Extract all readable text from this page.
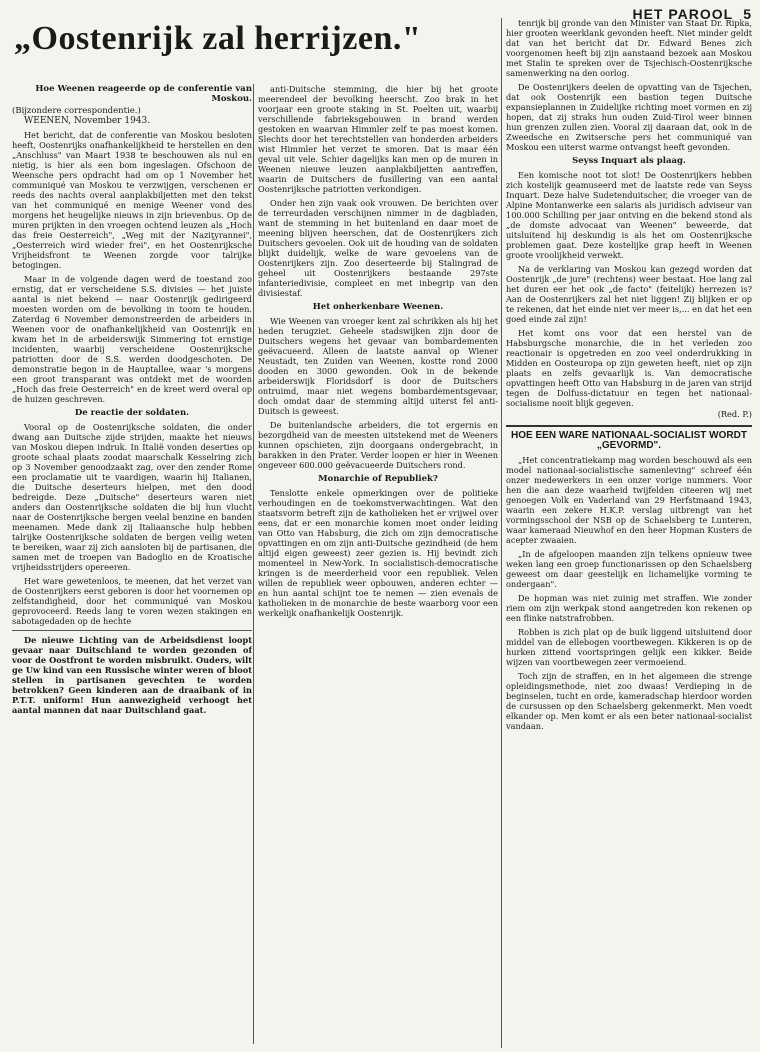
HET PAROOL 5
„Oostenrijk zal herrijzen."
Hoe Weenen reageerde op de conferentie van Moskou.
(Bijzondere correspondentie.)

WEENEN, November 1943.

Het bericht, dat de conferentie van Moskou besloten heeft, Oostenrijks onafhankelijkheid te herstellen en den „Anschluss" van Maart 1938 te beschouwen als nul en nietig, is hier als een bom ingeslagen. Ofschoon de Weensche pers opdracht had om op 1 November het communiqué van Moskou te verzwijgen, verschenen er reeds des nachts overal aanplakbiljetten met den tekst van het communiqué en menige Weener vond des morgens het heugelijke nieuws in zijn brievenbus. Op de muren prijkten in den vroegen ochtend leuzen als „Hoch das freie Oesterreich", „Weg mit der Naziţyrannei", „Oesterreich wird wieder frei", en het Oostenrijksche Vrijheidsfront te Weenen zorgde voor talrijke betogingen.

Maar in de volgende dagen werd de toestand zoo ernstig, dat er verscheidene S.S. divisies — het juiste aantal is niet bekend — naar Oostenrijk gedirigeerd moesten worden om de bevolking in toom te houden. Zaterdag 6 November demonstreerden de arbeiders in Weenen voor de onafhankelijkheid van Oostenrijk en kwam het in de arbeiderswijk Simmering tot ernstige incidenten, waarbij verscheidene Oostenrijksche patriotten door de S.S. werden doodgeschoten. De demonstratie begon in de Hauptallee, waar 's morgens een groot transparant was ontdekt met de woorden „Hoch das freie Oesterreich" en de kreet werd overal op de huizen geschreven.

De reactie der soldaten.

Vooral op de Oostenrijksche soldaten, die onder dwang aan Duitsche zijde strijden, maakte het nieuws van Moskou diepen indruk. In Italië vonden deserties op groote schaal plaats zoodat maarschalk Kesselring zich op 3 November genoodzaakt zag, over den zender Rome een proclamatie uit te vaardigen, waarin hij Italianen, die Duitsche deserteurs hielpen, met den dood bedreigde. Deze „Duitsche" deserteurs waren niet anders dan Oostenrijksche soldaten die bij hun vlucht naar de Oostenrijksche bergen veelal benzine en banden meenamen. Mede dank zij Italiaansche hulp hebben talrijke Oostenrijksche soldaten de bergen veilig weten te bereiken, waar zij zich aansloten bij de partisanen, die samen met de troepen van Badoglio en de Kroatische vrijheidsstrijders opereeren.

Het ware gewetenloos, te meenen, dat het verzet van de Oostenrijkers eerst geboren is door het voornemen op zelfstandigheid, door het communiqué van Moskou geprovoceerd. Reeds lang te voren wezen stakingen en sabotagedaden op de hechte

De nieuwe Lichting van de Arbeidsdienst loopt gevaar naar Duitschland te worden gezonden of voor de Oostfront te worden misbruikt. Ouders, wilt ge Uw kind van een Russische winter weren of bloot stellen in partisanen gevechten te worden betrokken? Geen kinderen aan de draaibank of in P.T.T. uniform! Hun aanwezigheid verhoogt het aantal mannen dat naar Duitschland gaat.

anti-Duitsche stemming, die hier bij het groote meerendeel der bevolking heerscht. Zoo brak in het voorjaar een groote staking in St. Poelten uit, waarbij verschillende fabrieksgebouwen in brand werden gestoken en waarvan Himmler zelf te pas moest komen. Slechts door het terechtstellen van honderden arbeiders wist Himmler het verzet te smoren. Dat is maar één geval uit vele. Schier dagelijks kan men op de muren in Weenen nieuwe leuzen aanplakbiljetten aantreffen, waarin de Duitschers de fusillering van een aantal Oostenrijksche patriotten verkondigen.

Onder hen zijn vaak ook vrouwen. De berichten over de terreurdaden verschijnen nimmer in de dagbladen, want de stemming in het buitenland en daar moet de meening blijven heerschen, dat de Oostenrijkers zich Duitschers gevoelen. Ook uit de houding van de soldaten blijkt duidelijk, welke de ware gevoelens van de Oostenrijkers zijn. Zoo deserteerde bij Stalingrad de geheel uit Oostenrijkers bestaande 297ste infanteriedivisie, compleet en met inbegrip van den divisiestaf.

Het onherkenbare Weenen.

Wie Weenen van vroeger kent zal schrikken als hij het heden terugziet. Geheele stadswijken zijn door de Duitschers wegens het gevaar van bombardementen geëvacueerd. Alleen de laatste aanval op Wiener Neustadt, ten Zuiden van Weenen, kostte rond 2000 dooden en 3000 gewonden. Ook in de bekende arbeiderswijk Floridsdorf is door de Duitschers ontruimd, maar niet wegens bombardementsgevaar, doch omdat daar de stemming altijd uiterst fel anti-Duitsch is geweest.

De buitenlandsche arbeiders, die tot ergernis en bezorgdheid van de meesten uitstekend met de Weeners kunnen opschieten, zijn doorgaans ondergebracht, in barakken in den Prater. Verder loopen er hier in Weenen ongeveer 600.000 geëvacueerde Duitschers rond.

Monarchie of Republiek?

Tenslotte enkele opmerkingen over de politieke verhoudingen en de toekomstverwachtingen. Wat den staatsvorm betreft zijn de katholieken het er vrijwel over eens, dat er een monarchie komen moet onder leiding van Otto van Habsburg, die zich om zijn democratische opvattingen en om zijn anti-Duitsche gezindheid (de hem altijd eigen geweest) zeer gezien is. Hij bevindt zich momenteel in New-York. In socialistisch-democratische kringen is de meerderheid voor een republiek. Velen willen de republiek weer opbouwen, anderen echter — en hun aantal schijnt toe te nemen — zien evenals de katholieken in de monarchie de beste waarborg voor een werkelijk onafhankelijk Oostenrijk.

tenrijk bij gronde van den Minister van Staat Dr. Ripka, hier grooten weerklank gevonden heeft. Niet minder geldt dat van het bericht dat Dr. Edward Benes zich voorgenomen heeft bij zijn aanstaand bezoek aan Moskou met Stalin te spreken over de Tsjechisch-Oostenrijksche samenwerking na den oorlog.

De Oostenrijkers deelen de opvatting van de Tsjechen, dat ook Oostenrijk een bastion tegen Duitsche expansieplannen in Zuidelijke richting moet vormen en zij hopen, dat zij straks hun ouden Zuid-Tirol weer binnen hun grenzen zullen zien. Vooral zij daaraan dat, ook in de Zweedsche en Zwitsersche pers het communiqué van Moskou een uiterst warme ontvangst heeft gevonden.

Seyss Inquart als plaag.

Een komische noot tot slot! De Oostenrijkers hebben zich kostelijk geamuseerd met de laatste rede van Seyss Inquart. Deze halve Sudetenduitscher, die vroeger van de Alpine Montanwerke een salaris als juridisch adviseur van 100.000 Schilling per jaar ontving en die bekend stond als „de domste advocaat van Weenen" beweerde, dat uitsluitend hij deskundig is als het om Oostenrijksche problemen gaat. Deze kostelijke grap heeft in Weenen groote vroolijkheid verwekt.

Na de verklaring van Moskou kan gezegd worden dat Oostenrijk „de jure" (rechtens) weer bestaat. Hoe lang zal het duren eer het ook „de facto" (feitelijk) herrezen is? Aan de Oostenrijkers zal het niet liggen! Zij blijken er op te rekenen, dat het einde niet ver meer is,... en dat het een goed einde zal zijn!

Het komt ons voor dat een herstel van de Habsburgsche monarchie, die in het verleden zoo reactionair is opgetreden en zoo veel onderdrukking in Midden en Oosteuropa op zijn geweten heeft, niet op zijn plaats en zelfs gevaarlijk is. Van democratische opvattingen heeft Otto van Habsburg in de jaren van strijd tegen de Dolfuss-dictatuur en tegen het nationaal-socialisme nooit blijk gegeven.

(Red. P.)
HOE EEN WARE NATIONAAL-SOCIALIST WORDT „GEVORMD".

„Het concentratiekamp mag worden beschouwd als een model nationaal-socialistische samenleving" schreef één onzer medewerkers in een onzer vorige nummers. Voor hen die aan deze waarheid twijfelden citeeren wij met genoegen Volk en Vaderland van 29 Herfstmaand 1943, waarin een zekere H.K.P. verslag uitbrengt van het vormingsschool der NSB op de Schaelsberg te Lunteren, waar kameraad Nieuwhof en den heer Hopman Kusters de acepter zwaaien.

„In de afgeloopen maanden zijn telkens opnieuw twee weken lang een groep functionarissen op den Schaelsberg geweest om daar geestelijk en lichamelijke vorming te ondergaan".

De hopman was niet zuinig met straffen. Wie zonder riem om zijn werkpak stond aangetreden kon rekenen op een flinke natstrafrobben.

Robben is zich plat op de buik liggend uitsluitend door middel van de ellebogen voortbewegen. Kikkeren is op de hurken zittend voortspringen gelijk een kikker. Beide wijzen van voortbewegen zeer vermoeiend.

Toch zijn de straffen, en in het algemeen die strenge opleidingsmethode, niet zoo dwaas! Verdieping in de beginselen, tucht en orde, kameradschap hierdoor worden de cursussen op den Schaelsberg gekenmerkt. Men voedt elkander op. Men komt er als een beter nationaal-socialist vandaan.
